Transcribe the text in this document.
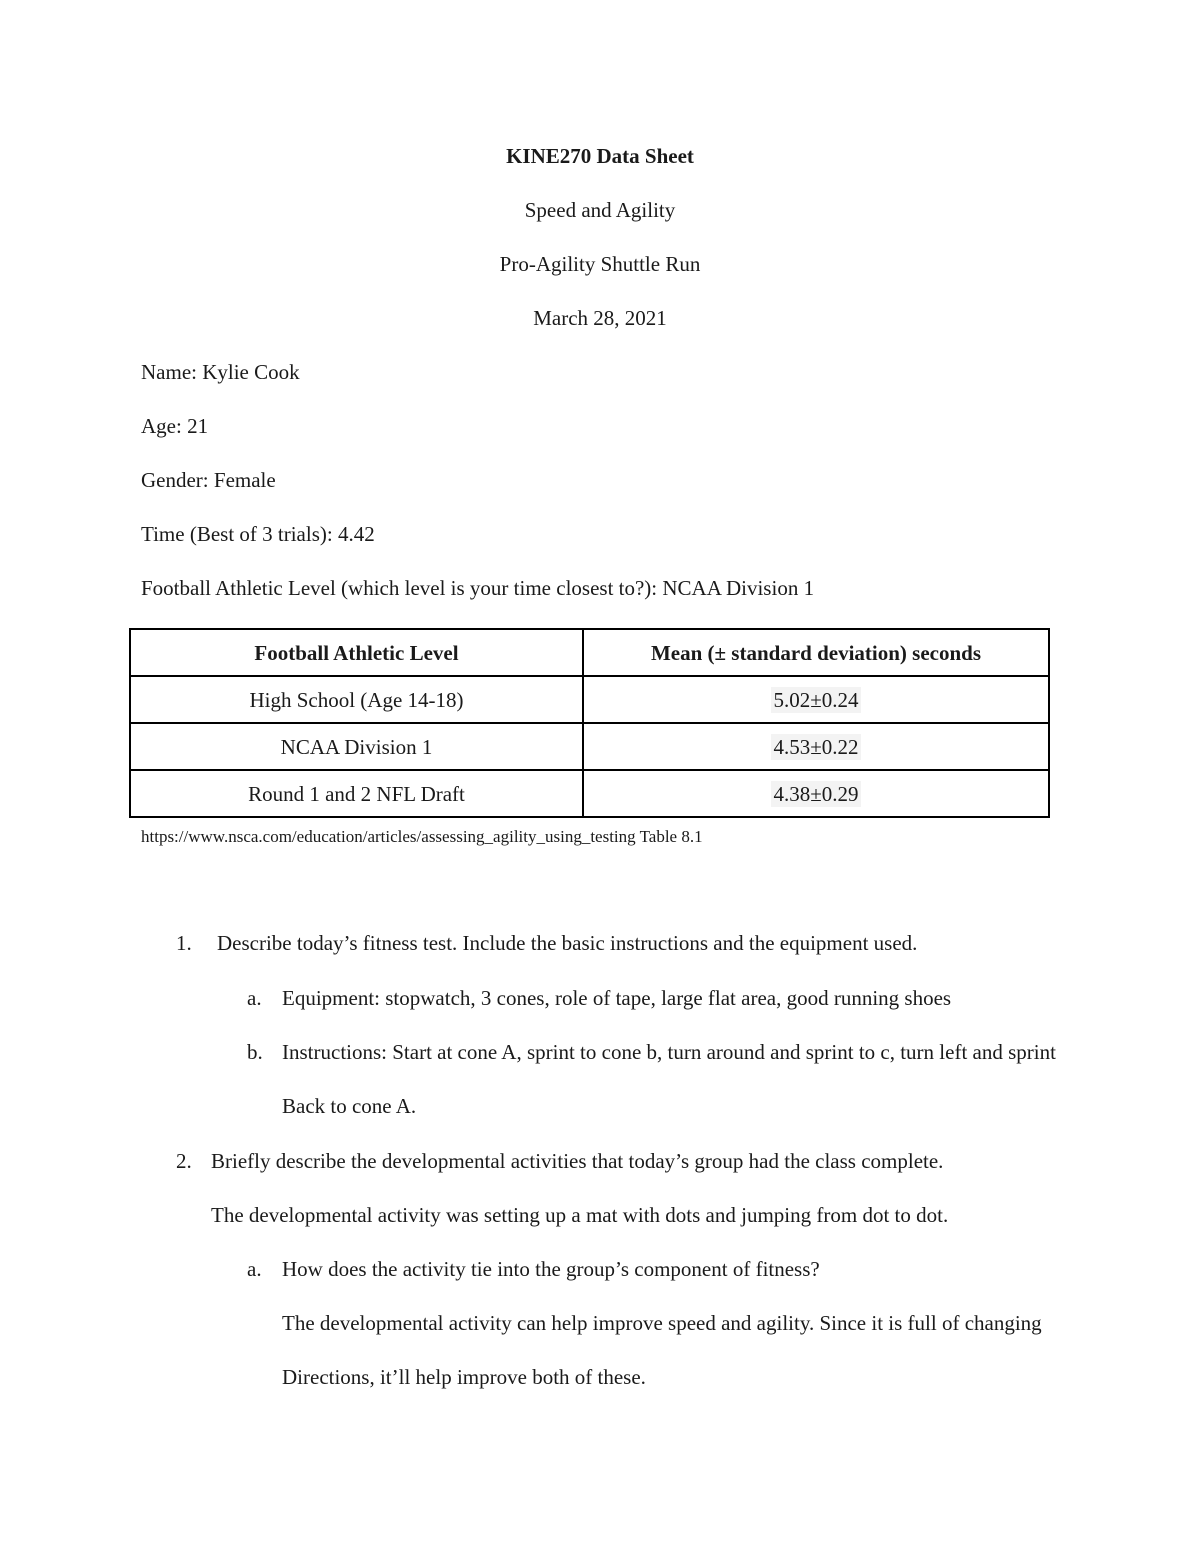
KINE270 Data Sheet
Speed and Agility
Pro-Agility Shuttle Run
March 28, 2021
Name: Kylie Cook
Age: 21
Gender: Female
Time (Best of 3 trials): 4.42
Football Athletic Level (which level is your time closest to?): NCAA Division 1
Football Athletic Level	Mean (± standard deviation) seconds
High School (Age 14-18)	5.02±0.24
NCAA Division 1	4.53±0.22
Round 1 and 2 NFL Draft	4.38±0.29
https://www.nsca.com/education/articles/assessing_agility_using_testing Table 8.1
1. Describe today’s fitness test. Include the basic instructions and the equipment used.
a. Equipment: stopwatch, 3 cones, role of tape, large flat area, good running shoes
b. Instructions: Start at cone A, sprint to cone b, turn around and sprint to c, turn left and sprint
Back to cone A.
2. Briefly describe the developmental activities that today’s group had the class complete.
The developmental activity was setting up a mat with dots and jumping from dot to dot.
a. How does the activity tie into the group’s component of fitness?
The developmental activity can help improve speed and agility. Since it is full of changing
Directions, it’ll help improve both of these.
